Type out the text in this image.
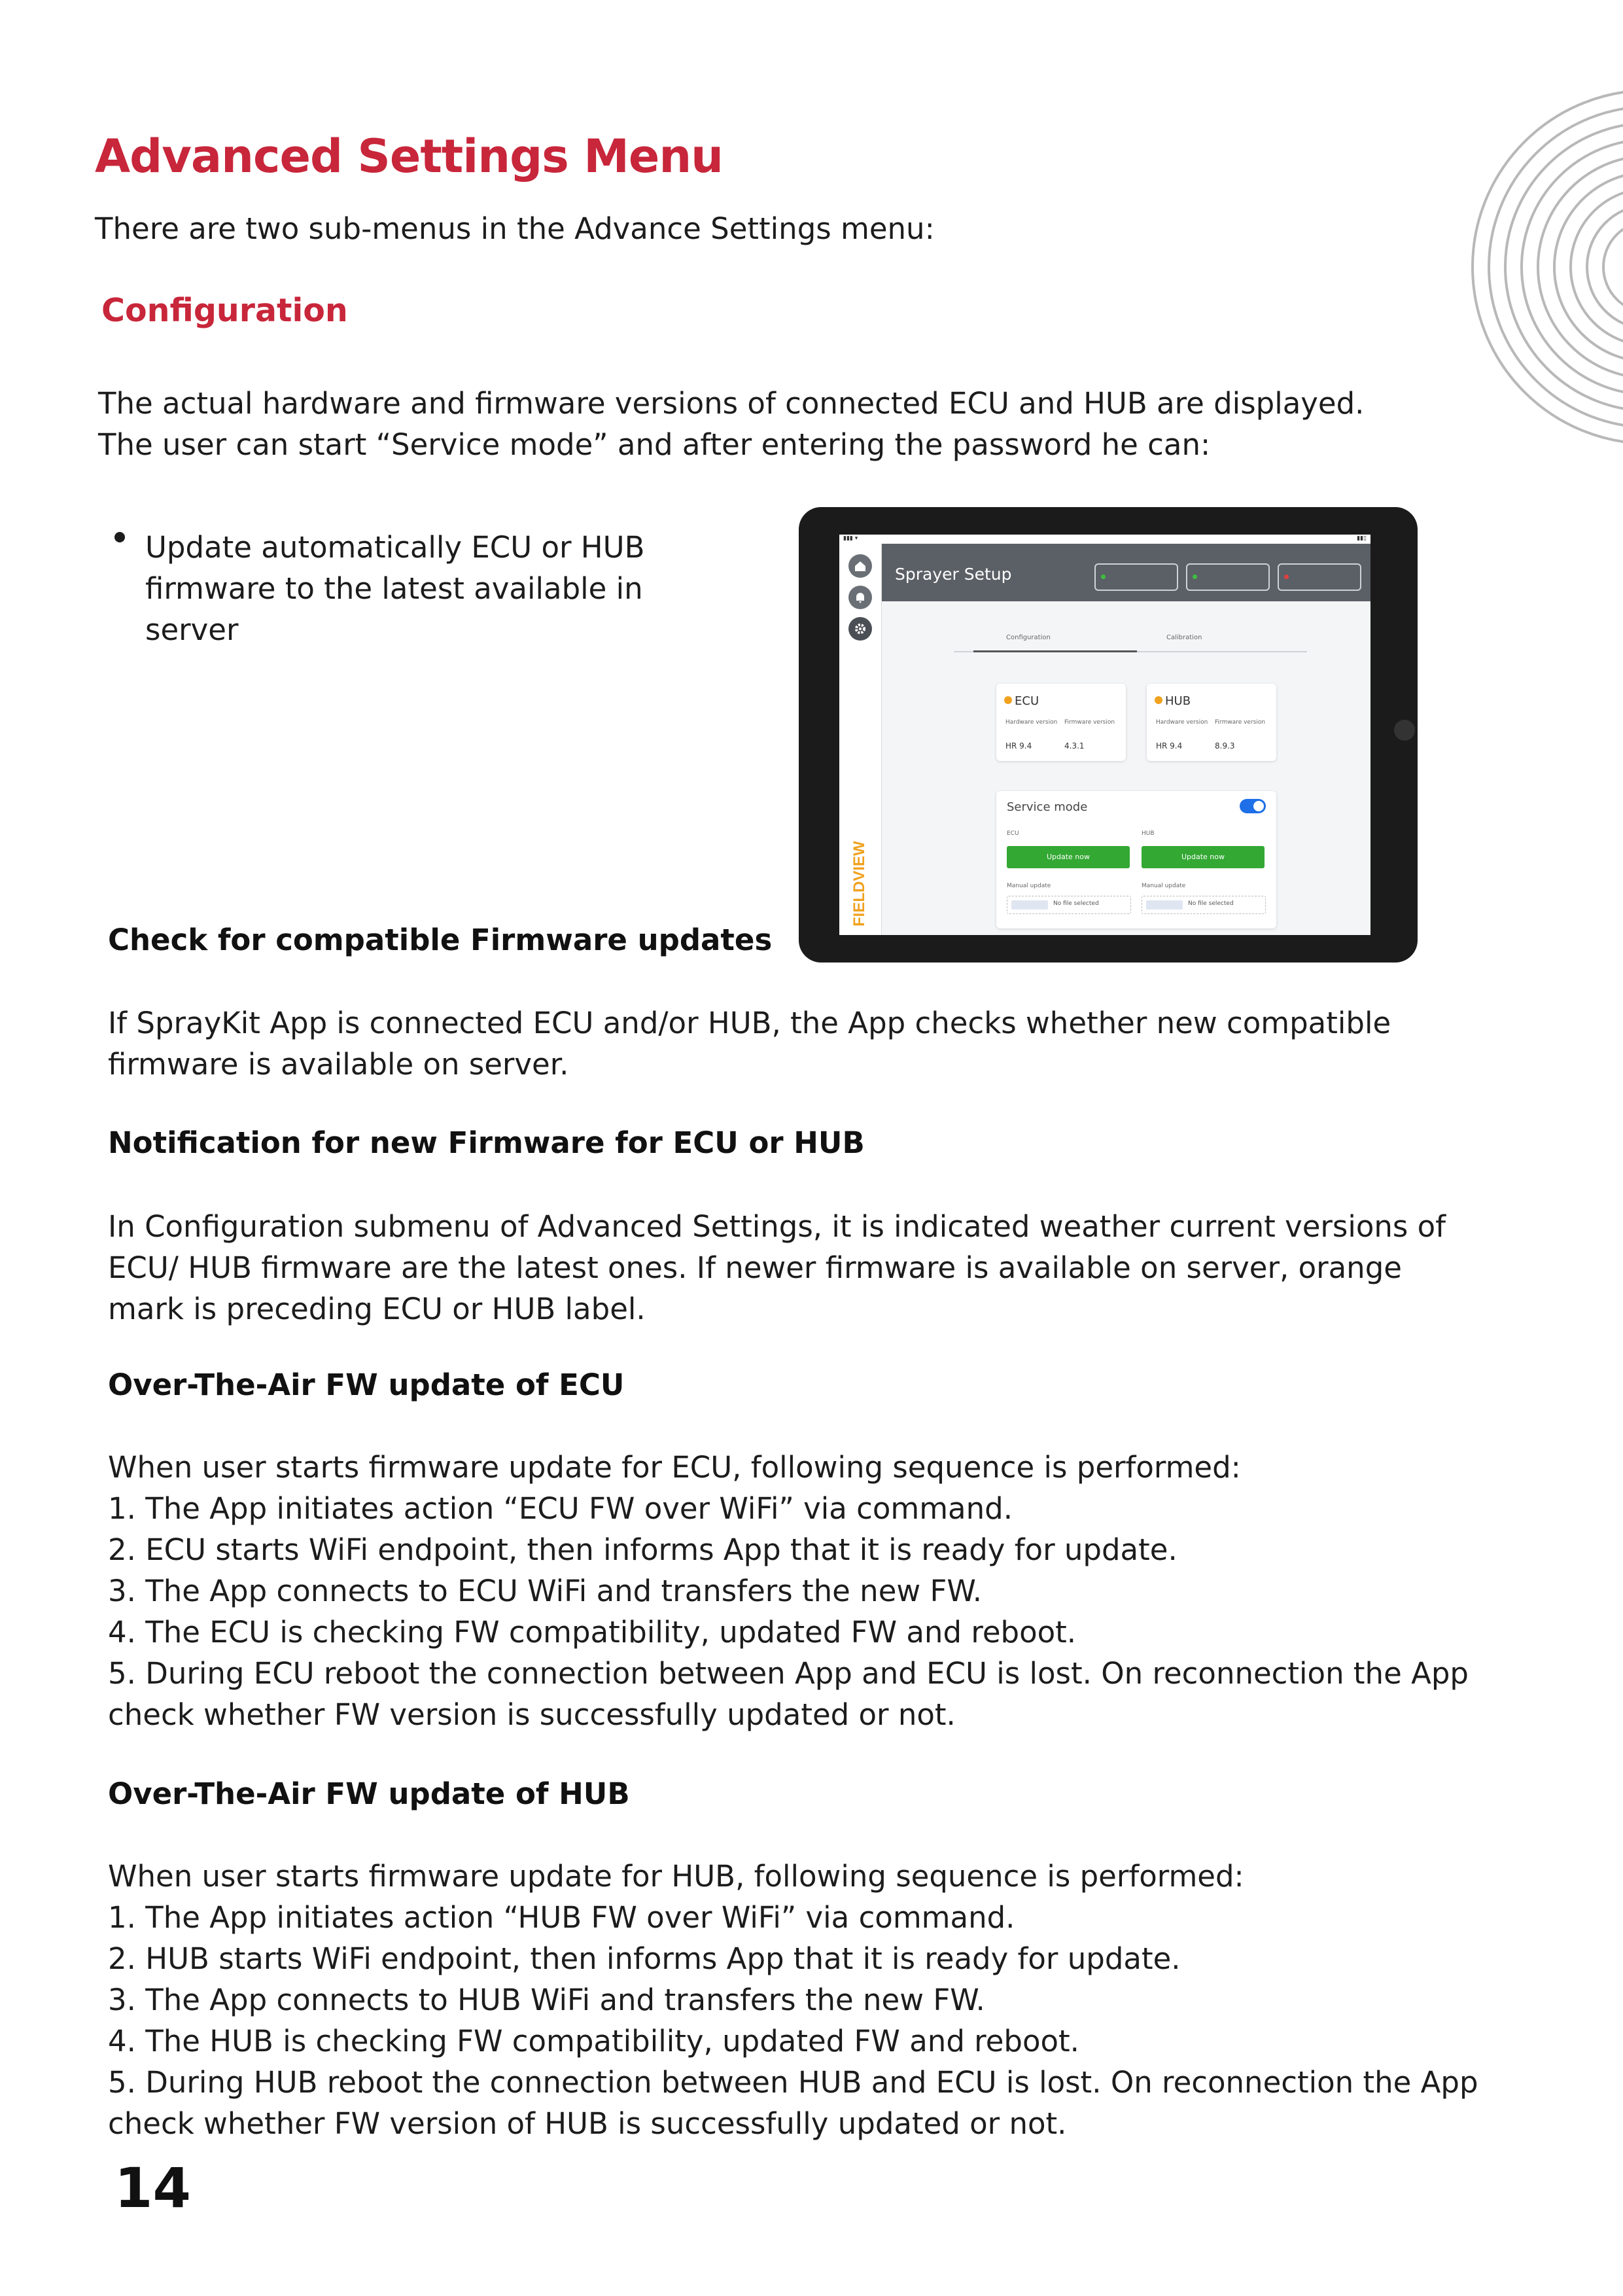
Advanced Settings Menu
There are two sub-menus in the Advance Settings menu:
Configuration
The actual hardware and firmware versions of connected ECU and HUB are displayed.
The user can start “Service mode” and after entering the password he can:
Update automatically ECU or HUB
firmware to the latest available in
server
▮▮▮ ▾	▮▮▯
FIELDVIEW
Sprayer Setup
Configuration	Calibration
ECU
Hardware version Firmware version
HR 9.4	4.3.1
HUB
Hardware version Firmware version
HR 9.4	8.9.3
Service mode
ECU	HUB
Update now	Update now
Manual update	Manual update
No file selected	No file selected
Check for compatible Firmware updates
If SprayKit App is connected ECU and/or HUB, the App checks whether new compatible
firmware is available on server.
Notification for new Firmware for ECU or HUB
In Configuration submenu of Advanced Settings, it is indicated weather current versions of
ECU/ HUB firmware are the latest ones. If newer firmware is available on server, orange
mark is preceding ECU or HUB label.
Over-The-Air FW update of ECU
When user starts firmware update for ECU, following sequence is performed:
1. The App initiates action “ECU FW over WiFi” via command.
2. ECU starts WiFi endpoint, then informs App that it is ready for update.
3. The App connects to ECU WiFi and transfers the new FW.
4. The ECU is checking FW compatibility, updated FW and reboot.
5. During ECU reboot the connection between App and ECU is lost. On reconnection the App
check whether FW version is successfully updated or not.
Over-The-Air FW update of HUB
When user starts firmware update for HUB, following sequence is performed:
1. The App initiates action “HUB FW over WiFi” via command.
2. HUB starts WiFi endpoint, then informs App that it is ready for update.
3. The App connects to HUB WiFi and transfers the new FW.
4. The HUB is checking FW compatibility, updated FW and reboot.
5. During HUB reboot the connection between HUB and ECU is lost. On reconnection the App
check whether FW version of HUB is successfully updated or not.
14
